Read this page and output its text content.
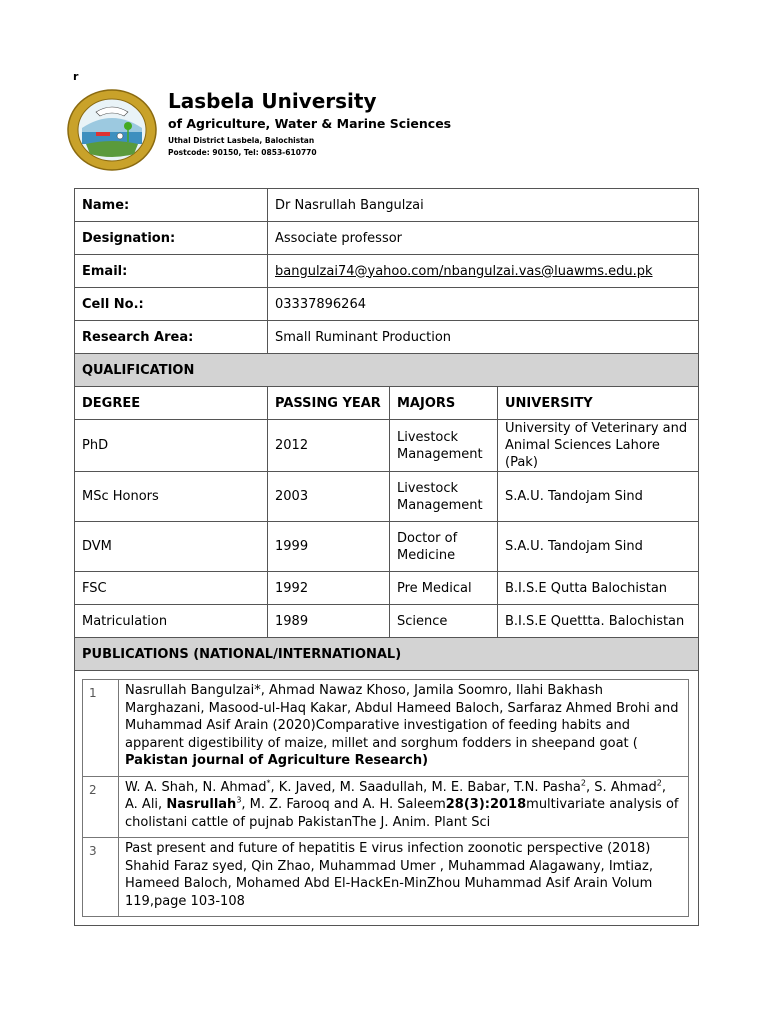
r
Lasbela University
of Agriculture, Water & Marine Sciences
Uthal District Lasbela, Balochistan
Postcode: 90150, Tel: 0853-610770
Name:	Dr Nasrullah Bangulzai
Designation:	Associate professor
Email:	bangulzai74@yahoo.com/nbangulzai.vas@luawms.edu.pk
Cell No.:	03337896264
Research Area:	Small Ruminant Production
QUALIFICATION
DEGREE	PASSING YEAR	MAJORS	UNIVERSITY
PhD	2012	Livestock Management	University of Veterinary and Animal Sciences Lahore (Pak)
MSc Honors	2003	Livestock Management	S.A.U. Tandojam Sind
DVM	1999	Doctor of Medicine	S.A.U. Tandojam Sind
FSC	1992	Pre Medical	B.I.S.E Qutta Balochistan
Matriculation	1989	Science	B.I.S.E Quettta. Balochistan
PUBLICATIONS (NATIONAL/INTERNATIONAL)

1	Nasrullah Bangulzai*, Ahmad Nawaz Khoso, Jamila Soomro, Ilahi Bakhash Marghazani, Masood-ul-Haq Kakar, Abdul Hameed Baloch, Sarfaraz Ahmed Brohi and Muhammad Asif Arain (2020)Comparative investigation of feeding habits and apparent digestibility of maize, millet and sorghum fodders in sheepand goat ( Pakistan journal of Agriculture Research)
2	W. A. Shah, N. Ahmad*, K. Javed, M. Saadullah, M. E. Babar, T.N. Pasha$^2$, S. Ahmad$^2$, A. Ali, Nasrullah$^3$, M. Z. Farooq and A. H. Saleem28(3):2018multivariate analysis of cholistani cattle of pujnab PakistanThe J. Anim. Plant Sci
3	Past present and future of hepatitis E virus infection zoonotic perspective (2018) Shahid Faraz syed, Qin Zhao, Muhammad Umer , Muhammad Alagawany, Imtiaz, Hameed Baloch, Mohamed Abd El-HackEn-MinZhou Muhammad Asif Arain Volum 119,page 103-108
